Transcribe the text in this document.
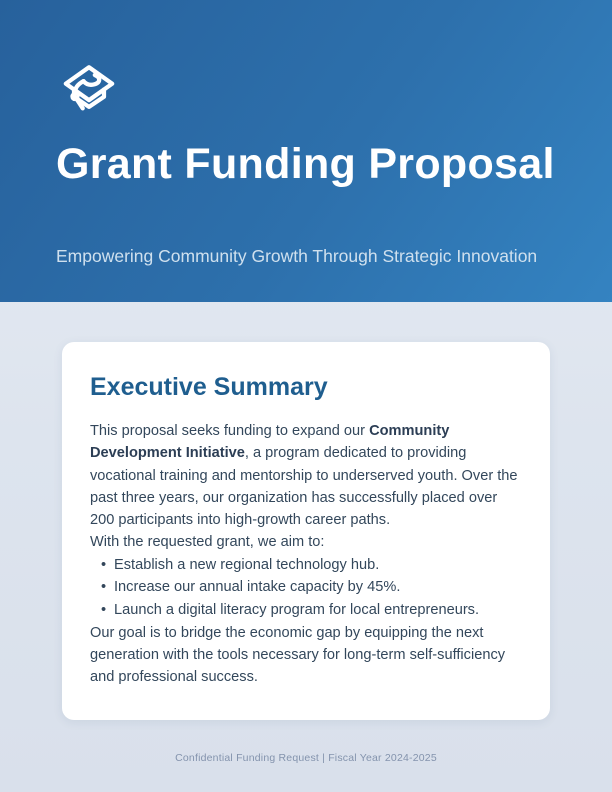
Grant Funding Proposal

Empowering Community Growth Through Strategic Innovation

Executive Summary

This proposal seeks funding to expand our Community Development Initiative, a program dedicated to providing vocational training and mentorship to underserved youth. Over the past three years, our organization has successfully placed over 200 participants into high-growth career paths.

With the requested grant, we aim to:

• Establish a new regional technology hub.
• Increase our annual intake capacity by 45%.
• Launch a digital literacy program for local entrepreneurs.

Our goal is to bridge the economic gap by equipping the next generation with the tools necessary for long-term self-sufficiency and professional success.

Confidential Funding Request | Fiscal Year 2024-2025
